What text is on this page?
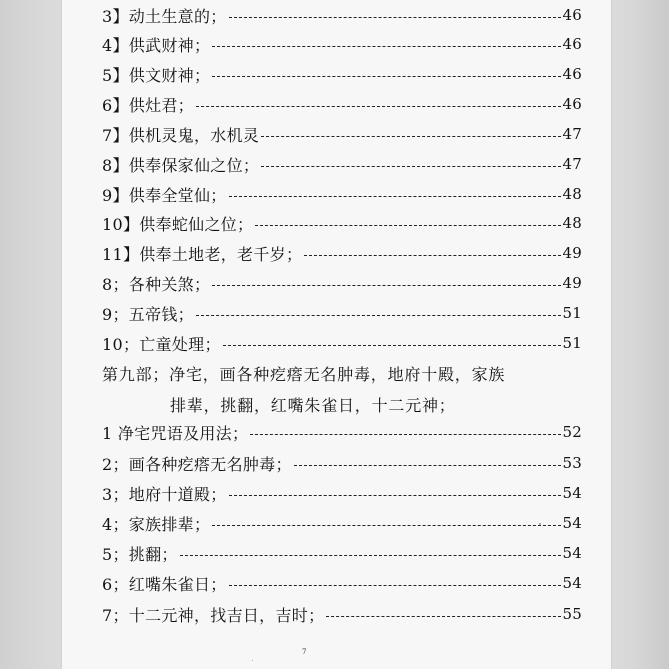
3】动土生意的；	46
4】供武财神；	46
5】供文财神；	46
6】供灶君；	46
7】供机灵鬼，水机灵	47
8】供奉保家仙之位；	47
9】供奉全堂仙；	48
10】供奉蛇仙之位；	48
11】供奉土地老，老千岁；	49
8；各种关煞；	49
9；五帝钱；	51
10；亡童处理；	51
第九部；净宅，画各种疙瘩无名肿毒，地府十殿，家族
排辈，挑翻，红嘴朱雀日，十二元神；
1 净宅咒语及用法；	52
2；画各种疙瘩无名肿毒；	53
3；地府十道殿；	54
4；家族排辈；	54
5；挑翻；	54
6；红嘴朱雀日；	54
7；十二元神，找吉日，吉时；	55
7
